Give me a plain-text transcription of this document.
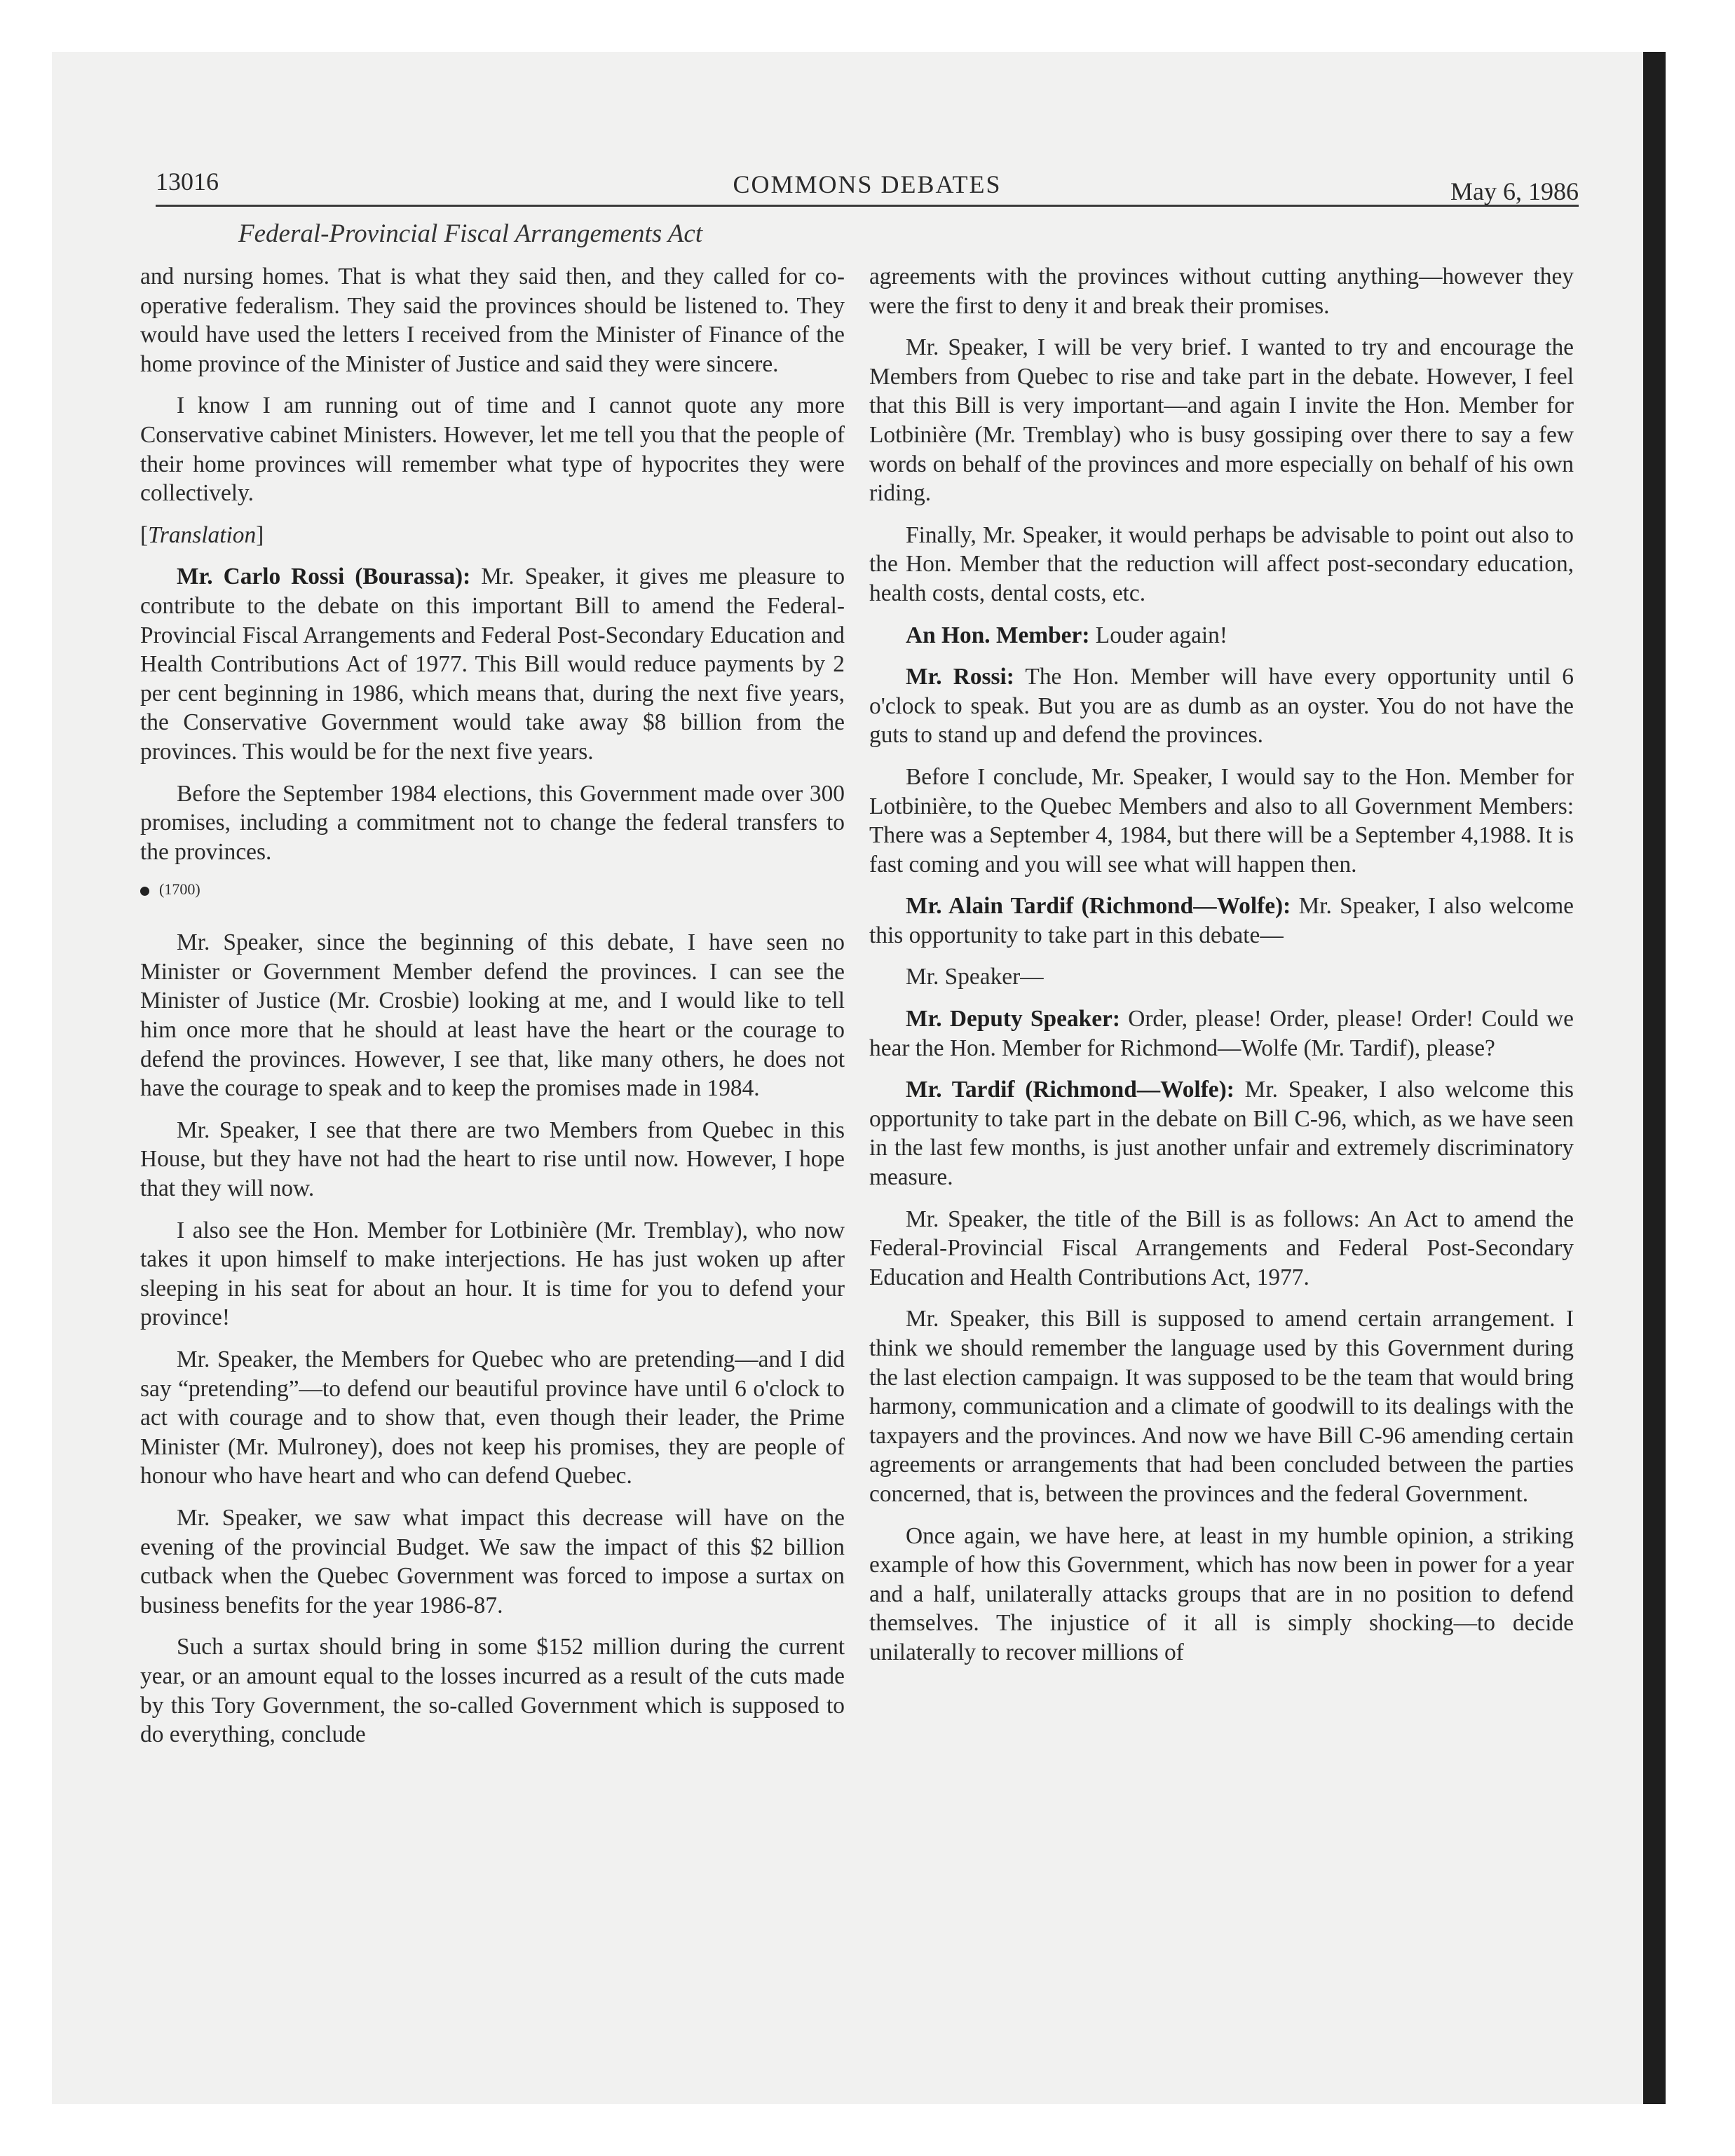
13016	COMMONS DEBATES	May 6, 1986
Federal-Provincial Fiscal Arrangements Act

and nursing homes. That is what they said then, and they called for co-operative federalism. They said the provinces should be listened to. They would have used the letters I received from the Minister of Finance of the home province of the Minister of Justice and said they were sincere.

I know I am running out of time and I cannot quote any more Conservative cabinet Ministers. However, let me tell you that the people of their home provinces will remember what type of hypocrites they were collectively.

[Translation]

Mr. Carlo Rossi (Bourassa): Mr. Speaker, it gives me pleasure to contribute to the debate on this important Bill to amend the Federal-Provincial Fiscal Arrangements and Federal Post-Secondary Education and Health Contributions Act of 1977. This Bill would reduce payments by 2 per cent beginning in 1986, which means that, during the next five years, the Conservative Government would take away $8 billion from the provinces. This would be for the next five years.

Before the September 1984 elections, this Government made over 300 promises, including a commitment not to change the federal transfers to the provinces.

(1700)

Mr. Speaker, since the beginning of this debate, I have seen no Minister or Government Member defend the provinces. I can see the Minister of Justice (Mr. Crosbie) looking at me, and I would like to tell him once more that he should at least have the heart or the courage to defend the provinces. However, I see that, like many others, he does not have the courage to speak and to keep the promises made in 1984.

Mr. Speaker, I see that there are two Members from Quebec in this House, but they have not had the heart to rise until now. However, I hope that they will now.

I also see the Hon. Member for Lotbinière (Mr. Tremblay), who now takes it upon himself to make interjections. He has just woken up after sleeping in his seat for about an hour. It is time for you to defend your province!

Mr. Speaker, the Members for Quebec who are pretending—and I did say “pretending”—to defend our beautiful province have until 6 o'clock to act with courage and to show that, even though their leader, the Prime Minister (Mr. Mulroney), does not keep his promises, they are people of honour who have heart and who can defend Quebec.

Mr. Speaker, we saw what impact this decrease will have on the evening of the provincial Budget. We saw the impact of this $2 billion cutback when the Quebec Government was forced to impose a surtax on business benefits for the year 1986-87.

Such a surtax should bring in some $152 million during the current year, or an amount equal to the losses incurred as a result of the cuts made by this Tory Government, the so-called Government which is supposed to do everything, conclude

agreements with the provinces without cutting anything—however they were the first to deny it and break their promises.

Mr. Speaker, I will be very brief. I wanted to try and encourage the Members from Quebec to rise and take part in the debate. However, I feel that this Bill is very important—and again I invite the Hon. Member for Lotbinière (Mr. Tremblay) who is busy gossiping over there to say a few words on behalf of the provinces and more especially on behalf of his own riding.

Finally, Mr. Speaker, it would perhaps be advisable to point out also to the Hon. Member that the reduction will affect post-secondary education, health costs, dental costs, etc.

An Hon. Member: Louder again!

Mr. Rossi: The Hon. Member will have every opportunity until 6 o'clock to speak. But you are as dumb as an oyster. You do not have the guts to stand up and defend the provinces.

Before I conclude, Mr. Speaker, I would say to the Hon. Member for Lotbinière, to the Quebec Members and also to all Government Members: There was a September 4, 1984, but there will be a September 4,1988. It is fast coming and you will see what will happen then.

Mr. Alain Tardif (Richmond—Wolfe): Mr. Speaker, I also welcome this opportunity to take part in this debate—

Mr. Speaker—

Mr. Deputy Speaker: Order, please! Order, please! Order! Could we hear the Hon. Member for Richmond—Wolfe (Mr. Tardif), please?

Mr. Tardif (Richmond—Wolfe): Mr. Speaker, I also welcome this opportunity to take part in the debate on Bill C-96, which, as we have seen in the last few months, is just another unfair and extremely discriminatory measure.

Mr. Speaker, the title of the Bill is as follows: An Act to amend the Federal-Provincial Fiscal Arrangements and Federal Post-Secondary Education and Health Contributions Act, 1977.

Mr. Speaker, this Bill is supposed to amend certain arrangement. I think we should remember the language used by this Government during the last election campaign. It was supposed to be the team that would bring harmony, communication and a climate of goodwill to its dealings with the taxpayers and the provinces. And now we have Bill C-96 amending certain agreements or arrangements that had been concluded between the parties concerned, that is, between the provinces and the federal Government.

Once again, we have here, at least in my humble opinion, a striking example of how this Government, which has now been in power for a year and a half, unilaterally attacks groups that are in no position to defend themselves. The injustice of it all is simply shocking—to decide unilaterally to recover millions of
